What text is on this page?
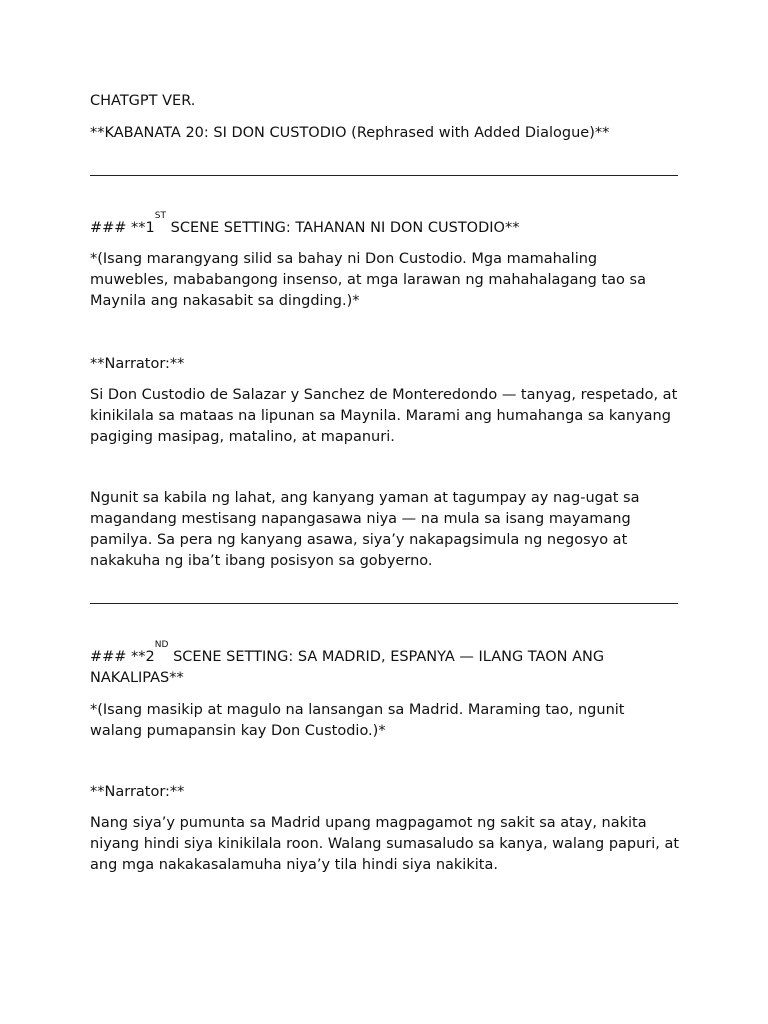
CHATGPT VER.
**KABANATA 20: SI DON CUSTODIO (Rephrased with Added Dialogue)**
### **1ST SCENE SETTING: TAHANAN NI DON CUSTODIO**
*(Isang marangyang silid sa bahay ni Don Custodio. Mga mamahaling muwebles, mababangong insenso, at mga larawan ng mahahalagang tao sa Maynila ang nakasabit sa dingding.)*
**Narrator:**
Si Don Custodio de Salazar y Sanchez de Monteredondo — tanyag, respetado, at kinikilala sa mataas na lipunan sa Maynila. Marami ang humahanga sa kanyang pagiging masipag, matalino, at mapanuri.
Ngunit sa kabila ng lahat, ang kanyang yaman at tagumpay ay nag-ugat sa magandang mestisang napangasawa niya — na mula sa isang mayamang pamilya. Sa pera ng kanyang asawa, siya’y nakapagsimula ng negosyo at nakakuha ng iba’t ibang posisyon sa gobyerno.
### **2ND SCENE SETTING: SA MADRID, ESPANYA — ILANG TAON ANG NAKALIPAS**
*(Isang masikip at magulo na lansangan sa Madrid. Maraming tao, ngunit walang pumapansin kay Don Custodio.)*
**Narrator:**
Nang siya’y pumunta sa Madrid upang magpagamot ng sakit sa atay, nakita niyang hindi siya kinikilala roon. Walang sumasaludo sa kanya, walang papuri, at ang mga nakakasalamuha niya’y tila hindi siya nakikita.
